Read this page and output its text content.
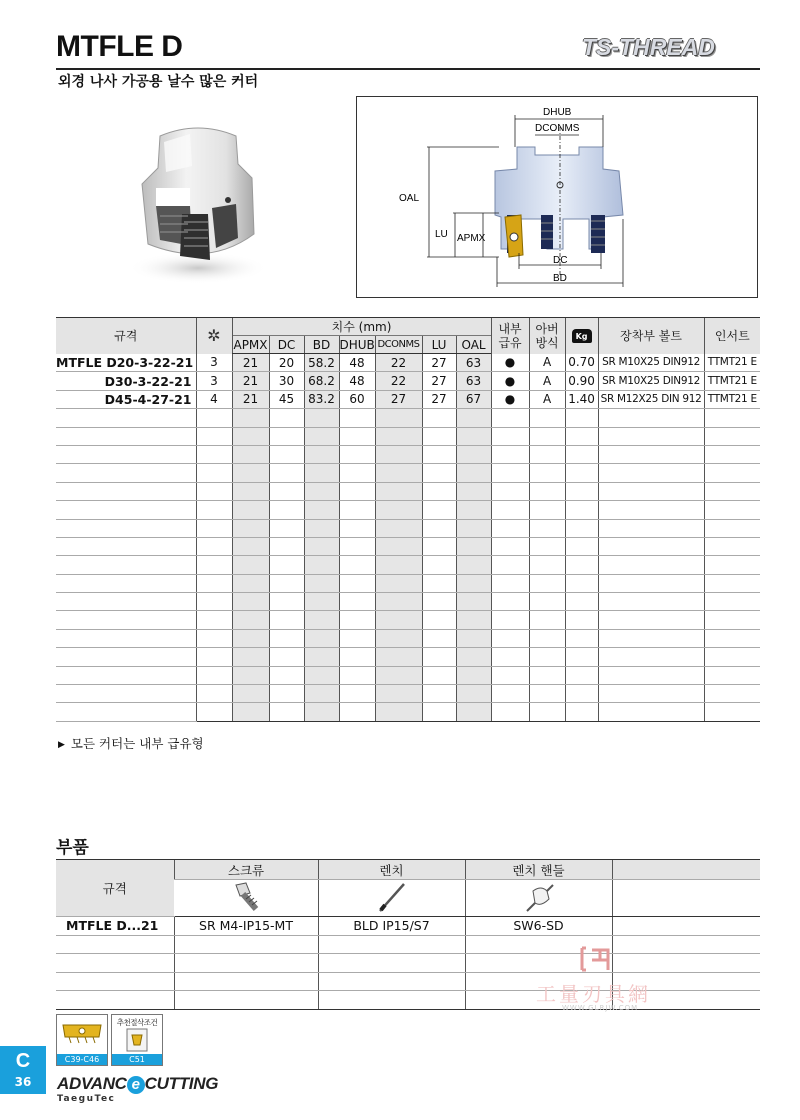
MTFLE D	TS-THREAD
외경 나사 가공용 날수 많은 커터
DHUB
DCONMS
OAL
LU APMX
DC
BD
규격	✲	치수 (mm)							내부
급유	아버
방식	Kg	장착부 볼트	인서트
		APMX	DC	BD	DHUB	DCONMS	LU	OAL					
MTFLE D20-3-22-21	3	21	20	58.2	48	22	27	63	●	A	0.70	SR M10X25 DIN912	TTMT21 E
D30-3-22-21	3	21	30	68.2	48	22	27	63	●	A	0.90	SR M10X25 DIN912	TTMT21 E
D45-4-27-21	4	21	45	83.2	60	27	27	67	●	A	1.40	SR M12X25 DIN 912	TTMT21 E

▶ 모든 커터는 내부 급유형
부품
규격	스크류	렌치	렌치 핸들	

MTFLE D...21	SR M4-IP15-MT	BLD IP15/S7	SW6-SD	

工量刃具網
WWW.GLRJW.COM
C39-C46
추천절삭조건
C51
C
36	ADVANC e CUTTING
TaeguTec
